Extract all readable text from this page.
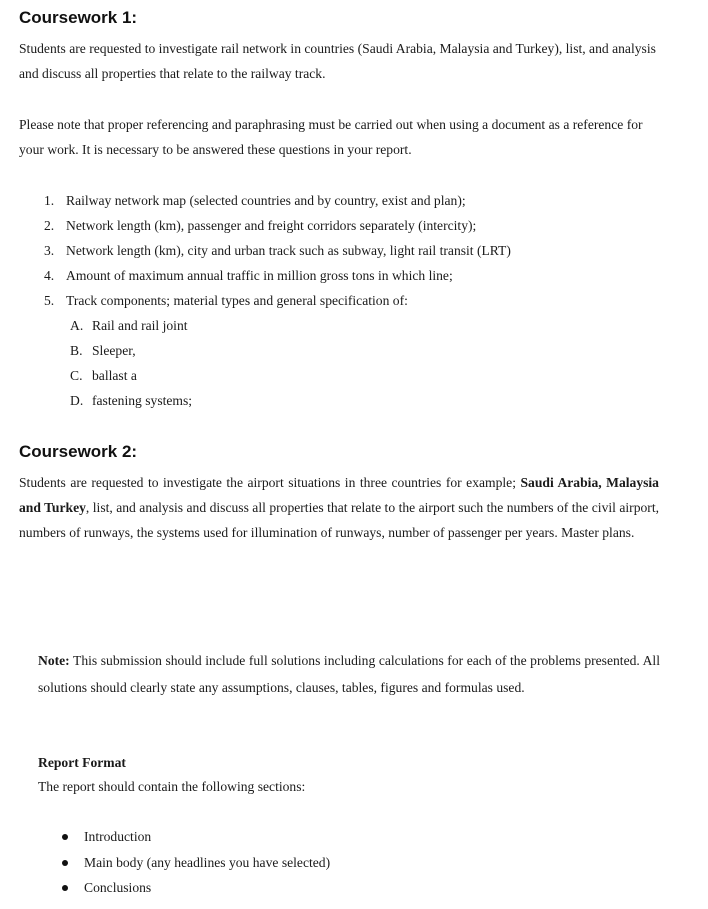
Coursework 1:
Students are requested to investigate rail network in countries (Saudi Arabia, Malaysia and Turkey), list, and analysis and discuss all properties that relate to the railway track.
Please note that proper referencing and paraphrasing must be carried out when using a document as a reference for your work. It is necessary to be answered these questions in your report.
1. Railway network map (selected countries and by country, exist and plan);
2. Network length (km), passenger and freight corridors separately (intercity);
3. Network length (km), city and urban track such as subway, light rail transit (LRT)
4. Amount of maximum annual traffic in million gross tons in which line;
5. Track components; material types and general specification of:
A. Rail and rail joint
B. Sleeper,
C. ballast a
D. fastening systems;
Coursework 2:
Students are requested to investigate the airport situations in three countries for example; Saudi Arabia, Malaysia and Turkey, list, and analysis and discuss all properties that relate to the airport such the numbers of the civil airport, numbers of runways, the systems used for illumination of runways, number of passenger per years. Master plans.
Note: This submission should include full solutions including calculations for each of the problems presented. All solutions should clearly state any assumptions, clauses, tables, figures and formulas used.
Report Format
The report should contain the following sections:
Introduction
Main body (any headlines you have selected)
Conclusions
